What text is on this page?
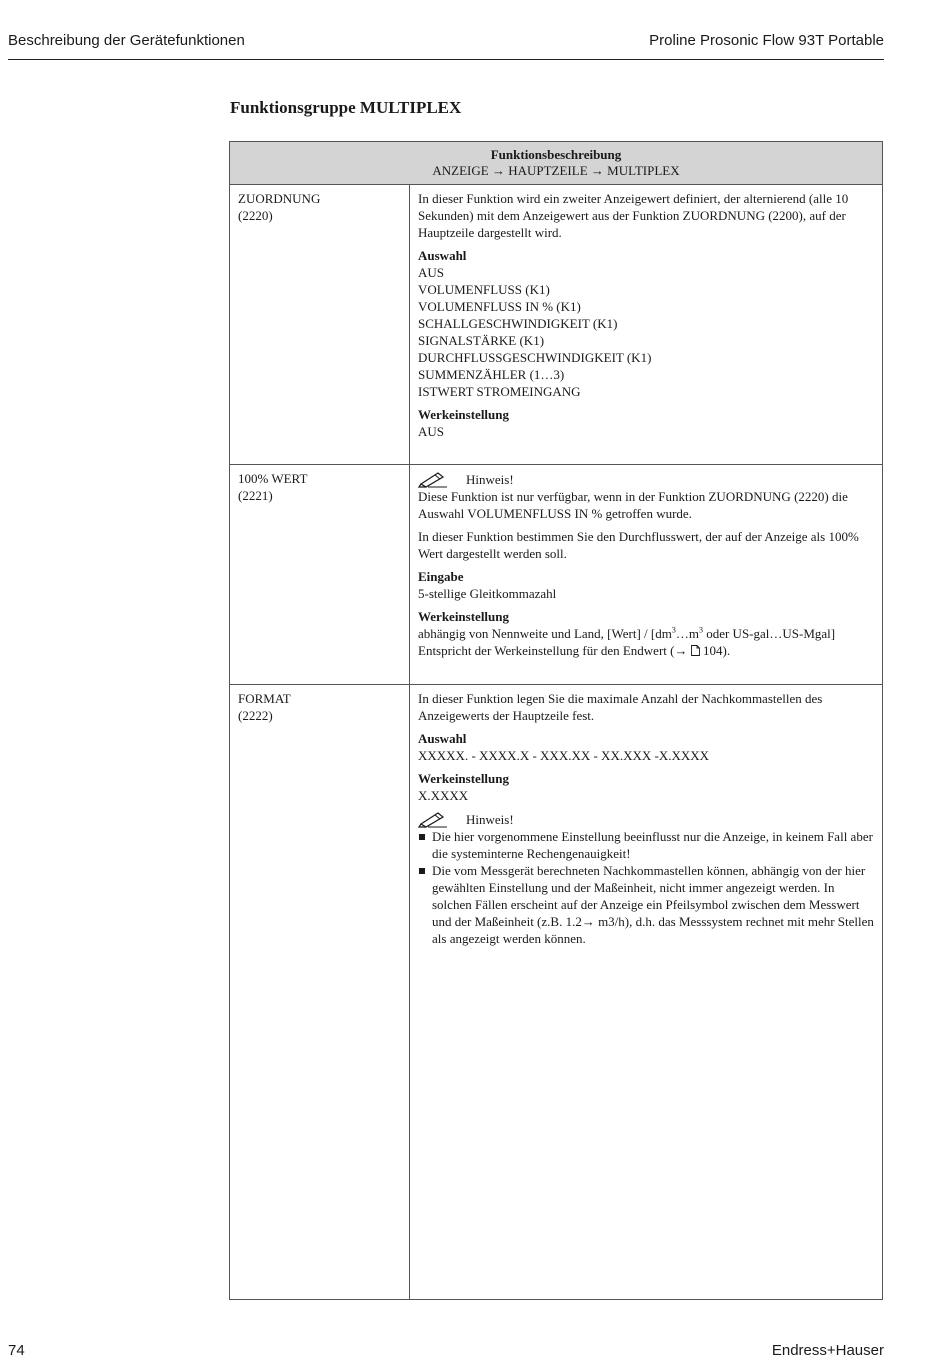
Beschreibung der Gerätefunktionen	Proline Prosonic Flow 93T Portable
Funktionsgruppe MULTIPLEX
Funktionsbeschreibung
ANZEIGE → HAUPTZEILE → MULTIPLEX
ZUORDNUNG
(2220)
In dieser Funktion wird ein zweiter Anzeigewert definiert, der alternierend (alle 10 Sekunden) mit dem Anzeigewert aus der Funktion ZUORDNUNG (2200), auf der Hauptzeile dargestellt wird.
Auswahl
AUS
VOLUMENFLUSS (K1)
VOLUMENFLUSS IN % (K1)
SCHALLGESCHWINDIGKEIT (K1)
SIGNALSTÄRKE (K1)
DURCHFLUSSGESCHWINDIGKEIT (K1)
SUMMENZÄHLER (1…3)
ISTWERT STROMEINGANG
Werkeinstellung
AUS
100% WERT
(2221)
Hinweis!
Diese Funktion ist nur verfügbar, wenn in der Funktion ZUORDNUNG (2220) die Auswahl VOLUMENFLUSS IN % getroffen wurde.
In dieser Funktion bestimmen Sie den Durchflusswert, der auf der Anzeige als 100% Wert dargestellt werden soll.
Eingabe
5-stellige Gleitkommazahl
Werkeinstellung
abhängig von Nennweite und Land, [Wert] / [$dm^3\dots m^3$ oder US-gal…US-Mgal]
Entspricht der Werkeinstellung für den Endwert (→  104).
FORMAT
(2222)
In dieser Funktion legen Sie die maximale Anzahl der Nachkommastellen des Anzeigewerts der Hauptzeile fest.
Auswahl
XXXXX. - XXXX.X - XXX.XX - XX.XXX -X.XXXX
Werkeinstellung
X.XXXX
Hinweis!
Die hier vorgenommene Einstellung beeinflusst nur die Anzeige, in keinem Fall aber die systeminterne Rechengenauigkeit!
Die vom Messgerät berechneten Nachkommastellen können, abhängig von der hier gewählten Einstellung und der Maßeinheit, nicht immer angezeigt werden. In solchen Fällen erscheint auf der Anzeige ein Pfeilsymbol zwischen dem Messwert und der Maßeinheit (z.B. 1.2→ m3/h), d.h. das Messsystem rechnet mit mehr Stellen als angezeigt werden können.
74	Endress+Hauser
